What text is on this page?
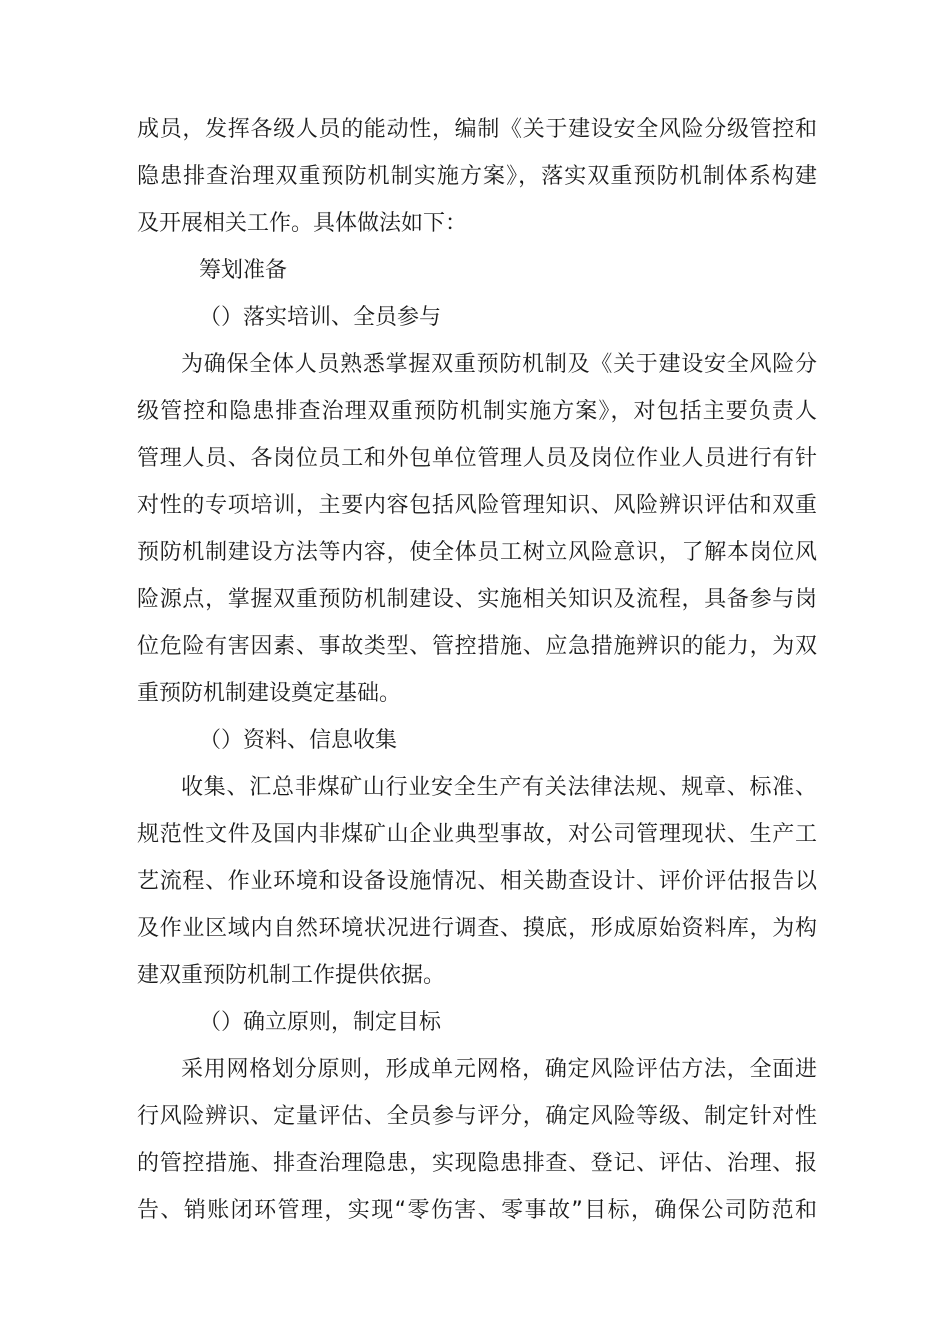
成员，发挥各级人员的能动性，编制《关于建设安全风险分级管控和
隐患排查治理双重预防机制实施方案》，落实双重预防机制体系构建
及开展相关工作。具体做法如下：
筹划准备
（）落实培训、全员参与
为确保全体人员熟悉掌握双重预防机制及《关于建设安全风险分
级管控和隐患排查治理双重预防机制实施方案》，对包括主要负责人
管理人员、各岗位员工和外包单位管理人员及岗位作业人员进行有针
对性的专项培训，主要内容包括风险管理知识、风险辨识评估和双重
预防机制建设方法等内容，使全体员工树立风险意识，了解本岗位风
险源点，掌握双重预防机制建设、实施相关知识及流程，具备参与岗
位危险有害因素、事故类型、管控措施、应急措施辨识的能力，为双
重预防机制建设奠定基础。
（）资料、信息收集
收集、汇总非煤矿山行业安全生产有关法律法规、规章、标准、
规范性文件及国内非煤矿山企业典型事故，对公司管理现状、生产工
艺流程、作业环境和设备设施情况、相关勘查设计、评价评估报告以
及作业区域内自然环境状况进行调查、摸底，形成原始资料库，为构
建双重预防机制工作提供依据。
（）确立原则，制定目标
采用网格划分原则，形成单元网格，确定风险评估方法，全面进
行风险辨识、定量评估、全员参与评分，确定风险等级、制定针对性
的管控措施、排查治理隐患，实现隐患排查、登记、评估、治理、报
告、销账闭环管理，实现“零伤害、零事故”目标，确保公司防范和
